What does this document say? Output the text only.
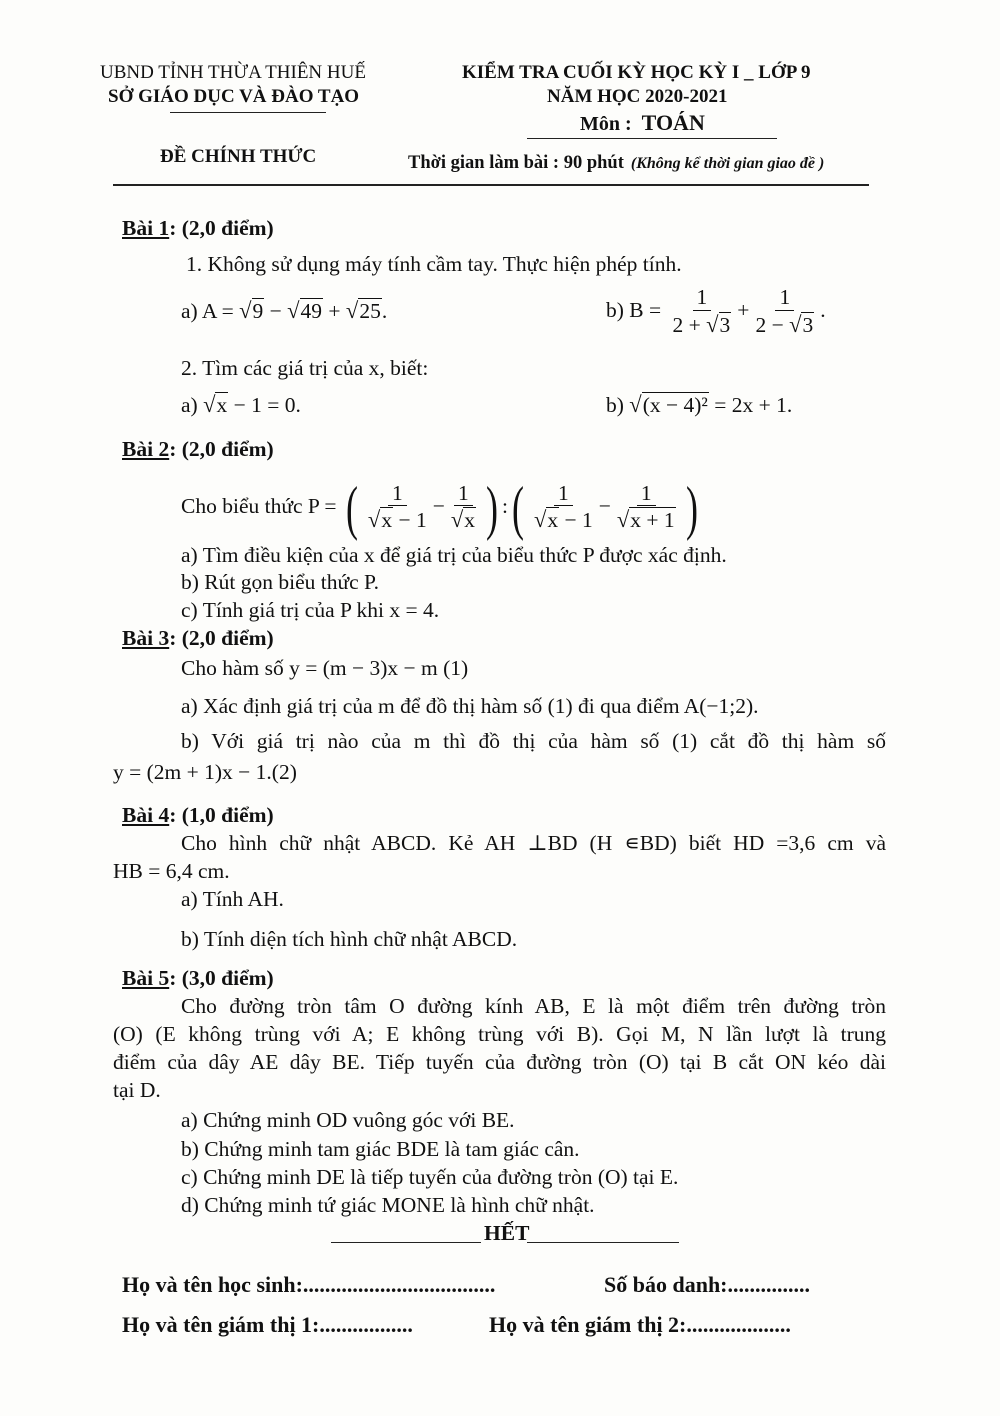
UBND TỈNH THỪA THIÊN HUẾ
SỞ GIÁO DỤC VÀ ĐÀO TẠO
ĐỀ CHÍNH THỨC
KIỂM TRA CUỐI KỲ HỌC KỲ I _ LỚP 9
NĂM HỌC 2020-2021
Môn : TOÁN
Thời gian làm bài : 90 phút (Không kể thời gian giao đề )
Bài 1: (2,0 điểm)
1. Không sử dụng máy tính cầm tay. Thực hiện phép tính.
a) A = √9 − √49 + √25.	b) $B = \frac{1}{2 + √3} + \frac{1}{2 - √3}$ .
2. Tìm các giá trị của x, biết:
a) √x − 1 = 0.	b) √(x − 4)² = 2x + 1.
Bài 2: (2,0 điểm)
Cho biểu thức P = ( $\frac{1}{√x - 1} - \frac{1}{√x}$ ) :( $\frac{1}{√x - 1} - \frac{1}{√x + 1}$ )
a) Tìm điều kiện của x để giá trị của biểu thức P được xác định.
b) Rút gọn biểu thức P.
c) Tính giá trị của P khi x = 4.
Bài 3: (2,0 điểm)
Cho hàm số y = (m − 3)x − m (1)
a) Xác định giá trị của m để đồ thị hàm số (1) đi qua điểm A(−1;2).
b) Với giá trị nào của m thì đồ thị của hàm số (1) cắt đồ thị hàm số
y = (2m + 1)x − 1.(2)
Bài 4: (1,0 điểm)
Cho hình chữ nhật ABCD. Kẻ AH ⊥BD (H ∊BD) biết HD =3,6 cm và
HB = 6,4 cm.
a) Tính AH.
b) Tính diện tích hình chữ nhật ABCD.
Bài 5: (3,0 điểm)
Cho đường tròn tâm O đường kính AB, E là một điểm trên đường tròn
(O) (E không trùng với A; E không trùng với B). Gọi M, N lần lượt là trung
điểm của dây AE dây BE. Tiếp tuyến của đường tròn (O) tại B cắt ON kéo dài
tại D.
a) Chứng minh OD vuông góc với BE.
b) Chứng minh tam giác BDE là tam giác cân.
c) Chứng minh DE là tiếp tuyến của đường tròn (O) tại E.
d) Chứng minh tứ giác MONE là hình chữ nhật.
HẾT
Họ và tên học sinh:...................................	Số báo danh:...............
Họ và tên giám thị 1:.................	Họ và tên giám thị 2:...................
